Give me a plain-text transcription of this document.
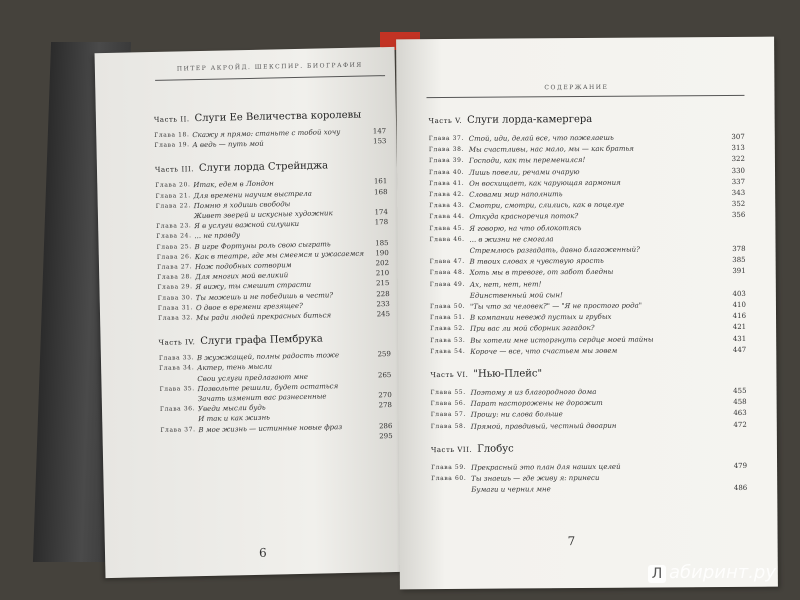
ПИТЕР АКРОЙД. ШЕКСПИР. БИОГРАФИЯ
Часть II. Слуги Ее Величества королевы
Глава 18. Скажу я прямо: станьте с тобой хочу	147
Глава 19. А ведь — путь мой	153
Часть III. Слуги лорда Стрейнджа
Глава 20. Итак, едем в Лондон	161
Глава 21. Для времени научим выстрела	168
Глава 22. Помню я ходишь свободы
Живет зверей и искусные художник	174
Глава 23. Я в услуги важной силушки	178
Глава 24. ... не правду
Глава 25. В игре Фортуны роль свою сыграть	185
Глава 26. Как в театре, где мы смеемся и ужасаемся 190
Глава 27. Нож подобных сотворим	202
Глава 28. Для многих мой великий	210
Глава 29. Я вижу, ты смешит страсти	215
Глава 30. Ты можешь и не победишь в чести?	228
Глава 31. О двое в времени грезящее?	233
Глава 32. Мы ради людей прекрасных биться	245
Часть IV. Слуги графа Пембрука
Глава 33. В жужжащей, полны радость тоже	259
Глава 34. Актер, тень мысли
Свои услуги предлагают мне	265
Глава 35. Позвольте решили, будет остаться
Зачать изменит вас разнесенные	270
Глава 36. Уведи мысли будь	278
И так и как жизнь
Глава 37. В мое жизнь — истинные новые фраз	286
295
6
СОДЕРЖАНИЕ
Часть V. Слуги лорда-камергера
Глава 37. Стой, иди, делай все, что пожелаешь	307
Глава 38. Мы счастливы, нас мало, мы — как братья	313
Глава 39. Господи, как ты переменился!	322
Глава 40. Лишь повели, речами очарую	330
Глава 41. Он восхищает, как чарующая гармония	337
Глава 42. Словами мир наполнить	343
Глава 43. Смотри, смотри, слились, как в поцелуе	352
Глава 44. Откуда красноречия поток?	356
Глава 45. Я говорю, на что облокотясь
Глава 46. ... в жизни не смогала
Стремлюсь разгадать, давно благоженный?	378
Глава 47. В твоих словах я чувствую ярость	385
Глава 48. Хоть мы в тревоге, от забот бледны	391
Глава 49. Ах, нет, нет, нет!
Единственный мой сын!	403
Глава 50. "Ты что за человек?" — "Я не простого рода"	410
Глава 51. В компании невежд пустых и грубых	416
Глава 52. При вас ли мой сборник загадок?	421
Глава 53. Вы хотели мне исторгнуть сердце моей тайны	431
Глава 54. Короче — все, что счастьем мы зовем	447
Часть VI. "Нью-Плейс"
Глава 55. Поэтому я из благородного дома	455
Глава 56. Парат насторожены не дорожит	458
Глава 57. Прошу: ни слова больше	463
Глава 58. Прямой, правдивый, честный двоарин	472
Часть VII. Глобус
Глава 59. Прекрасный это план для наших целей	479
Глава 60. Ты знаешь — где живу я: принеси
Бумаги и чернил мне	486
7
Л абиринт.ру
